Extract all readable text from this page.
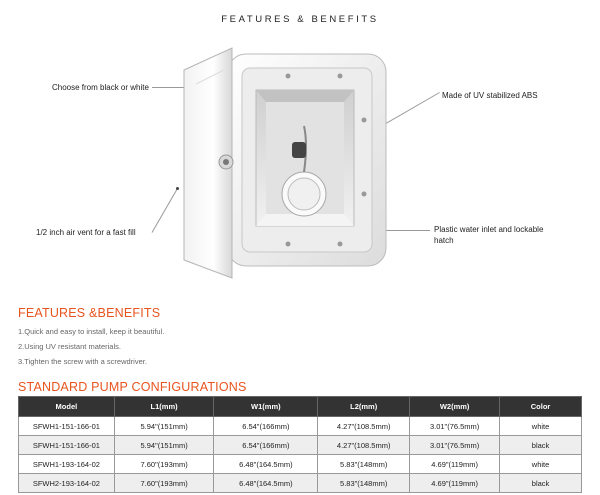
FEATURES & BENEFITS
Choose from black or white
1/2 inch air vent for a fast fill
Made of UV stabilized ABS
Plastic water inlet and lockable
hatch
FEATURES &BENEFITS
1.Quick and easy to install, keep it beautiful.
2.Using UV resistant materials.
3.Tighten the screw with a screwdriver.
STANDARD PUMP CONFIGURATIONS
Model	L1(mm)	W1(mm)	L2(mm)	W2(mm)	Color
SFWH1-151-166-01	5.94"(151mm)	6.54"(166mm)	4.27"(108.5mm)	3.01"(76.5mm)	white
SFWH1-151-166-01	5.94"(151mm)	6.54"(166mm)	4.27"(108.5mm)	3.01"(76.5mm)	black
SFWH1-193-164-02	7.60"(193mm)	6.48"(164.5mm)	5.83"(148mm)	4.69"(119mm)	white
SFWH2-193-164-02	7.60"(193mm)	6.48"(164.5mm)	5.83"(148mm)	4.69"(119mm)	black
